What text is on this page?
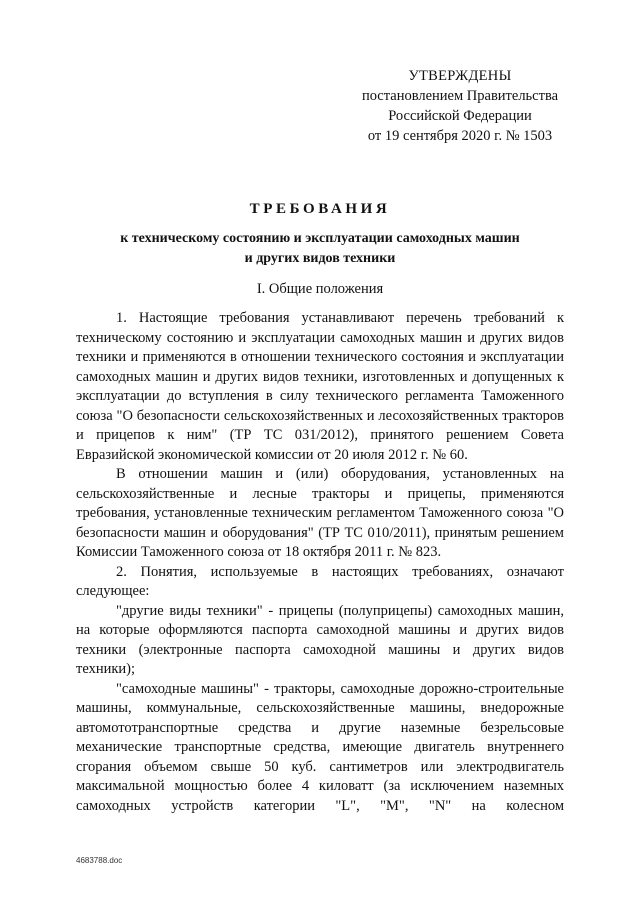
УТВЕРЖДЕНЫ
постановлением Правительства
Российской Федерации
от 19 сентября 2020 г. № 1503
ТРЕБОВАНИЯ
к техническому состоянию и эксплуатации самоходных машин
и других видов техники
I. Общие положения

1. Настоящие требования устанавливают перечень требований к техническому состоянию и эксплуатации самоходных машин и других видов техники и применяются в отношении технического состояния и эксплуатации самоходных машин и других видов техники, изготовленных и допущенных к эксплуатации до вступления в силу технического регламента Таможенного союза "О безопасности сельскохозяйственных и лесохозяйственных тракторов и прицепов к ним" (ТР ТС 031/2012), принятого решением Совета Евразийской экономической комиссии от 20 июля 2012 г. № 60.

В отношении машин и (или) оборудования, установленных на сельскохозяйственные и лесные тракторы и прицепы, применяются требования, установленные техническим регламентом Таможенного союза "О безопасности машин и оборудования" (ТР ТС 010/2011), принятым решением Комиссии Таможенного союза от 18 октября 2011 г. № 823.

2. Понятия, используемые в настоящих требованиях, означают следующее:

"другие виды техники" - прицепы (полуприцепы) самоходных машин, на которые оформляются паспорта самоходной машины и других видов техники (электронные паспорта самоходной машины и других видов техники);

"самоходные машины" - тракторы, самоходные дорожно-строительные машины, коммунальные, сельскохозяйственные машины, внедорожные автомототранспортные средства и другие наземные безрельсовые механические транспортные средства, имеющие двигатель внутреннего сгорания объемом свыше 50 куб. сантиметров или электродвигатель максимальной мощностью более 4 киловатт (за исключением наземных самоходных устройств категории "L", "M", "N" на колесном

4683788.doc
